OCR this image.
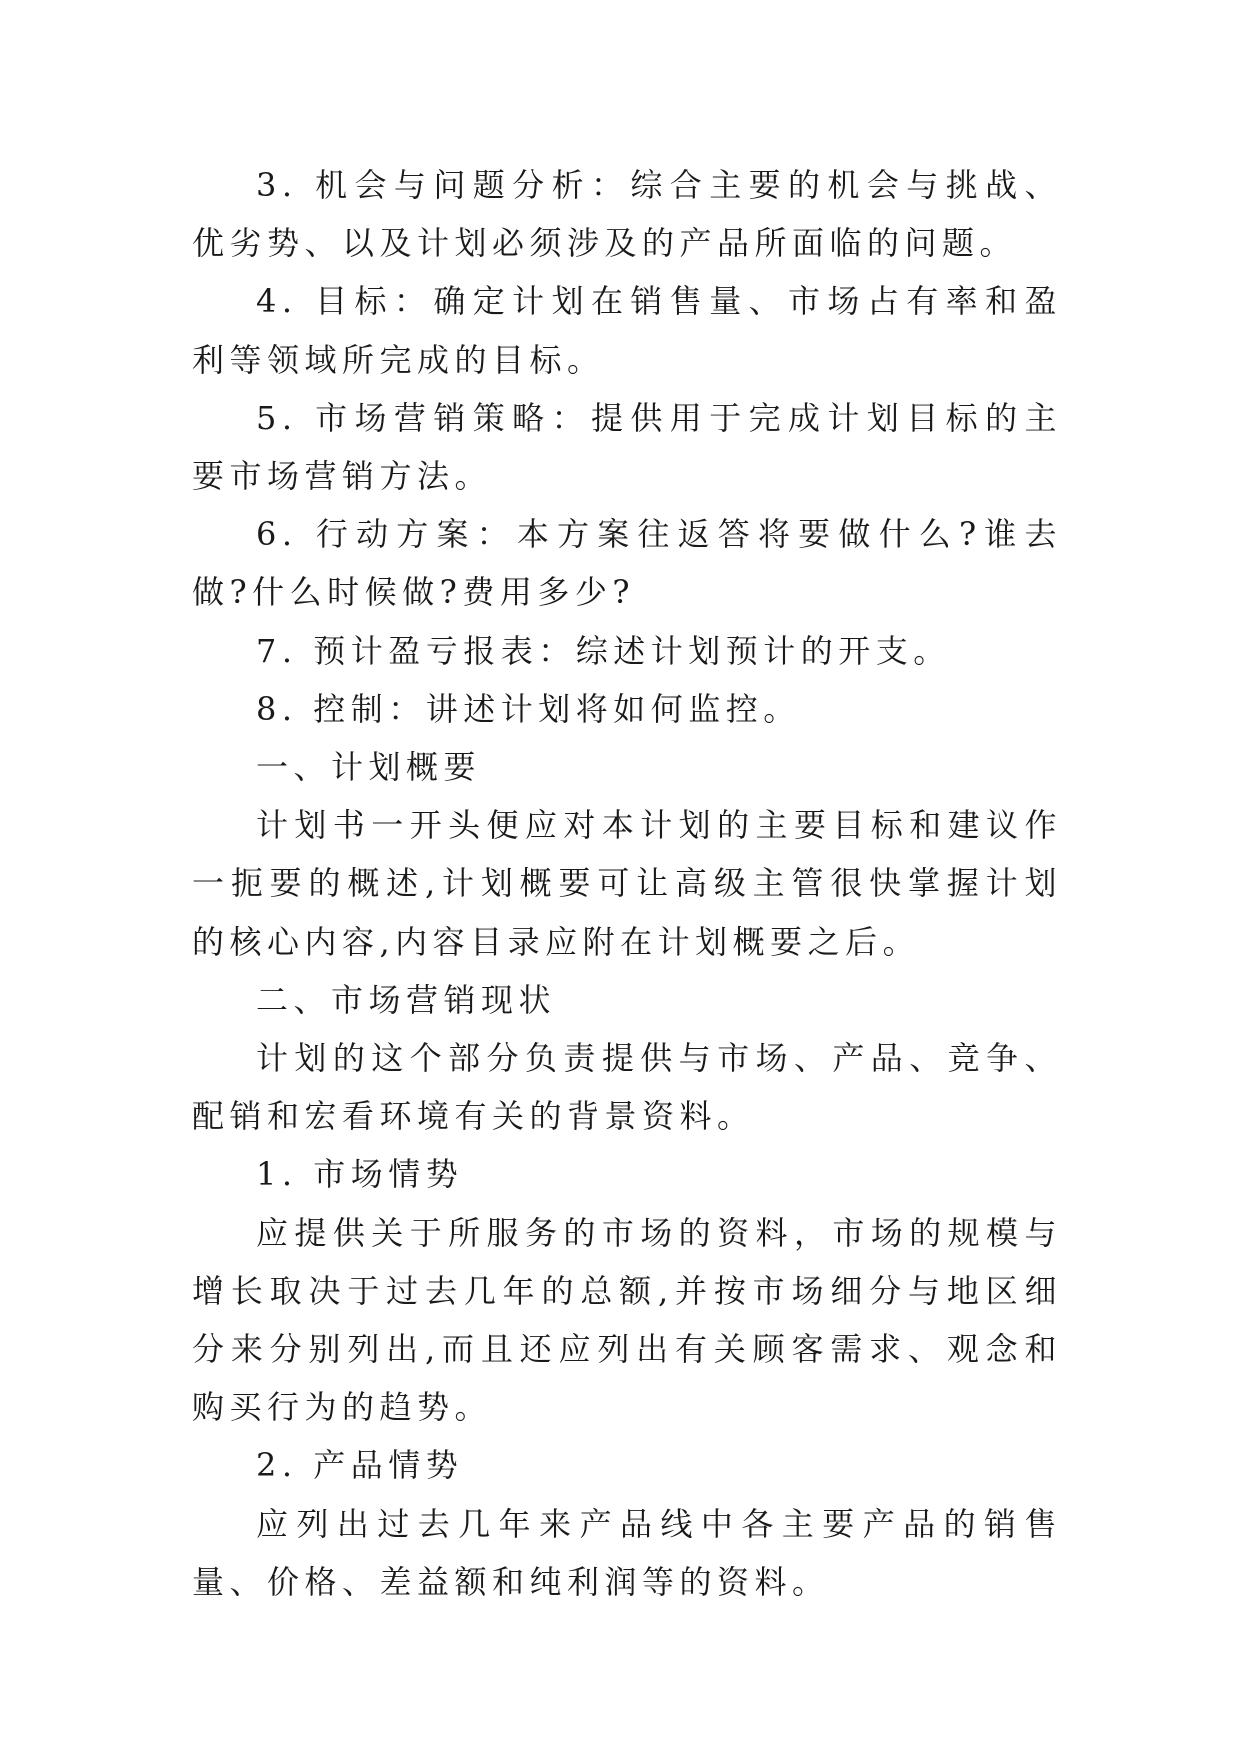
3. 机会与问题分析：综合主要的机会与挑战、优劣势、以及计划必须涉及的产品所面临的问题。

4. 目标：确定计划在销售量、市场占有率和盈利等领域所完成的目标。

5. 市场营销策略：提供用于完成计划目标的主要市场营销方法。

6. 行动方案：本方案往返答将要做什么?谁去做?什么时候做?费用多少?

7. 预计盈亏报表：综述计划预计的开支。

8. 控制：讲述计划将如何监控。

一、计划概要

计划书一开头便应对本计划的主要目标和建议作一扼要的概述,计划概要可让高级主管很快掌握计划的核心内容,内容目录应附在计划概要之后。

二、市场营销现状

计划的这个部分负责提供与市场、产品、竞争、配销和宏看环境有关的背景资料。

1. 市场情势

应提供关于所服务的市场的资料，市场的规模与增长取决于过去几年的总额,并按市场细分与地区细分来分别列出,而且还应列出有关顾客需求、观念和购买行为的趋势。

2. 产品情势

应列出过去几年来产品线中各主要产品的销售量、价格、差益额和纯利润等的资料。
